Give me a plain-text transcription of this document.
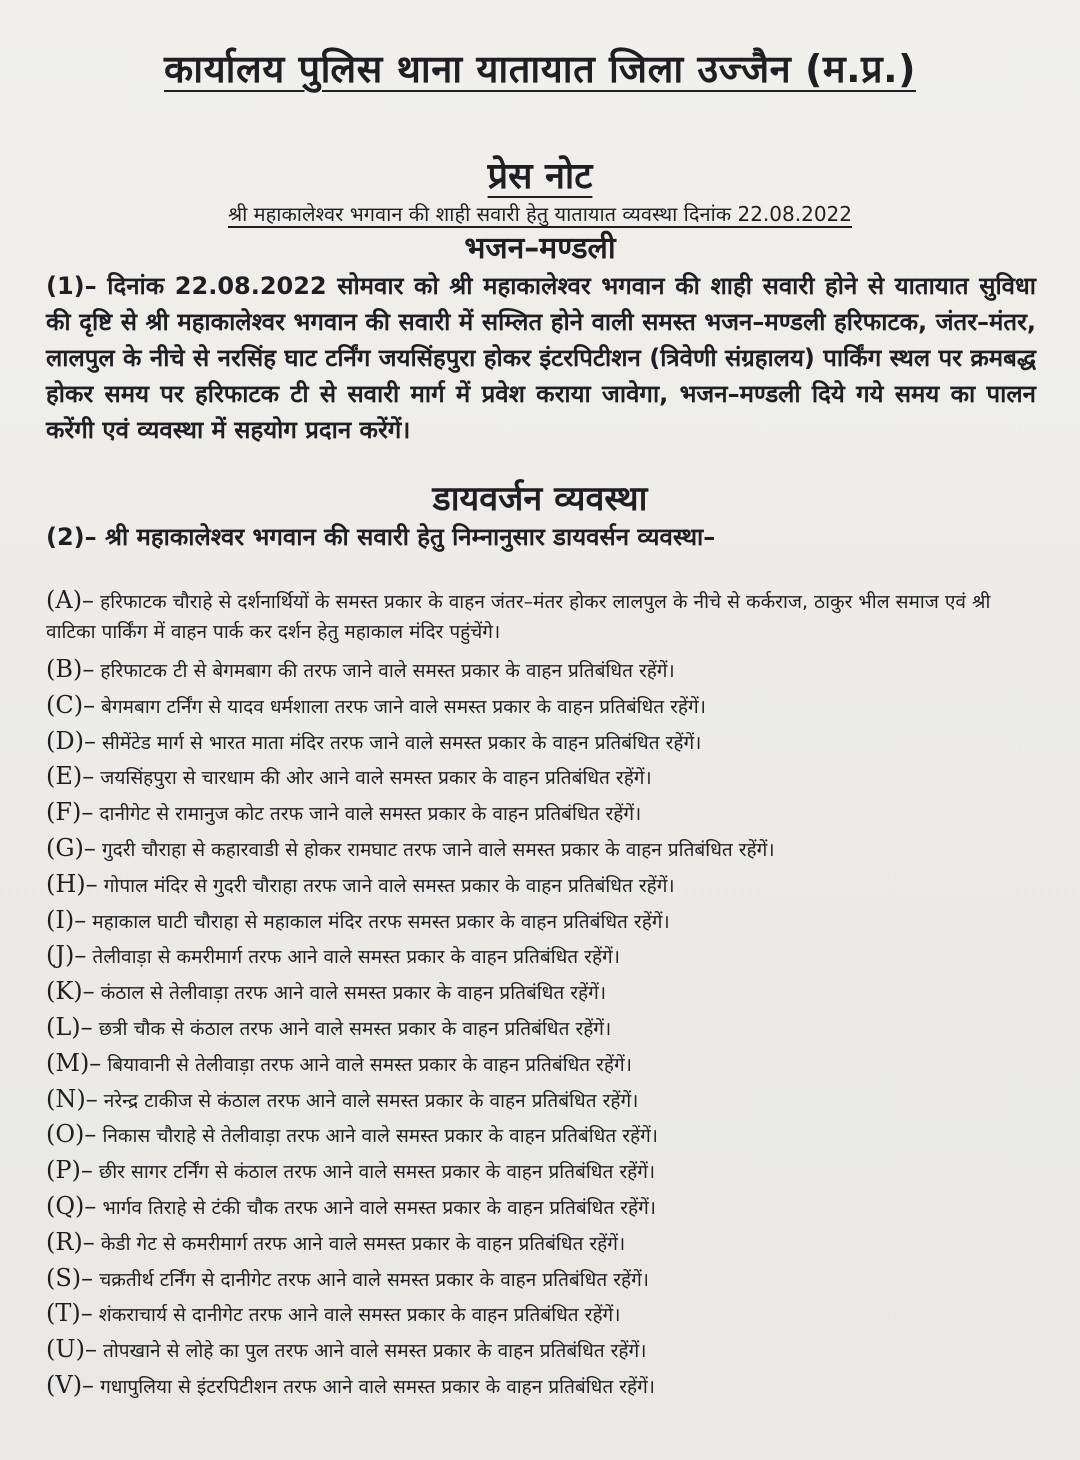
कार्यालय पुलिस थाना यातायात जिला उज्जैन (म.प्र.)
प्रेस नोट
श्री महाकालेश्वर भगवान की शाही सवारी हेतु यातायात व्यवस्था दिनांक 22.08.2022
भजन–मण्डली
(1)– दिनांक 22.08.2022 सोमवार को श्री महाकालेश्वर भगवान की शाही सवारी होने से यातायात सुविधा की दृष्टि से श्री महाकालेश्वर भगवान की सवारी में सम्लित होने वाली समस्त भजन–मण्डली हरिफाटक, जंतर–मंतर, लालपुल के नीचे से नरसिंह घाट टर्निंग जयसिंहपुरा होकर इंटरपिटीशन (त्रिवेणी संग्रहालय) पार्किंग स्थल पर क्रमबद्ध होकर समय पर हरिफाटक टी से सवारी मार्ग में प्रवेश कराया जावेगा, भजन–मण्डली दिये गये समय का पालन करेंगी एवं व्यवस्था में सहयोग प्रदान करेंगें।
डायवर्जन व्यवस्था
(2)– श्री महाकालेश्वर भगवान की सवारी हेतु निम्नानुसार डायवर्सन व्यवस्था–
(A)– हरिफाटक चौराहे से दर्शनार्थियों के समस्त प्रकार के वाहन जंतर–मंतर होकर लालपुल के नीचे से कर्कराज, ठाकुर भील समाज एवं श्री वाटिका पार्किंग में वाहन पार्क कर दर्शन हेतु महाकाल मंदिर पहुंचेंगे।
(B)– हरिफाटक टी से बेगमबाग की तरफ जाने वाले समस्त प्रकार के वाहन प्रतिबंधित रहेंगें।
(C)– बेगमबाग टर्निंग से यादव धर्मशाला तरफ जाने वाले समस्त प्रकार के वाहन प्रतिबंधित रहेंगें।
(D)– सीमेंटेड मार्ग से भारत माता मंदिर तरफ जाने वाले समस्त प्रकार के वाहन प्रतिबंधित रहेंगें।
(E)– जयसिंहपुरा से चारधाम की ओर आने वाले समस्त प्रकार के वाहन प्रतिबंधित रहेंगें।
(F)– दानीगेट से रामानुज कोट तरफ जाने वाले समस्त प्रकार के वाहन प्रतिबंधित रहेंगें।
(G)– गुदरी चौराहा से कहारवाडी से होकर रामघाट तरफ जाने वाले समस्त प्रकार के वाहन प्रतिबंधित रहेंगें।
(H)– गोपाल मंदिर से गुदरी चौराहा तरफ जाने वाले समस्त प्रकार के वाहन प्रतिबंधित रहेंगें।
(I)– महाकाल घाटी चौराहा से महाकाल मंदिर तरफ समस्त प्रकार के वाहन प्रतिबंधित रहेंगें।
(J)– तेलीवाड़ा से कमरीमार्ग तरफ आने वाले समस्त प्रकार के वाहन प्रतिबंधित रहेंगें।
(K)– कंठाल से तेलीवाड़ा तरफ आने वाले समस्त प्रकार के वाहन प्रतिबंधित रहेंगें।
(L)– छत्री चौक से कंठाल तरफ आने वाले समस्त प्रकार के वाहन प्रतिबंधित रहेंगें।
(M)– बियावानी से तेलीवाड़ा तरफ आने वाले समस्त प्रकार के वाहन प्रतिबंधित रहेंगें।
(N)– नरेन्द्र टाकीज से कंठाल तरफ आने वाले समस्त प्रकार के वाहन प्रतिबंधित रहेंगें।
(O)– निकास चौराहे से तेलीवाड़ा तरफ आने वाले समस्त प्रकार के वाहन प्रतिबंधित रहेंगें।
(P)– छीर सागर टर्निंग से कंठाल तरफ आने वाले समस्त प्रकार के वाहन प्रतिबंधित रहेंगें।
(Q)– भार्गव तिराहे से टंकी चौक तरफ आने वाले समस्त प्रकार के वाहन प्रतिबंधित रहेंगें।
(R)– केडी गेट से कमरीमार्ग तरफ आने वाले समस्त प्रकार के वाहन प्रतिबंधित रहेंगें।
(S)– चक्रतीर्थ टर्निंग से दानीगेट तरफ आने वाले समस्त प्रकार के वाहन प्रतिबंधित रहेंगें।
(T)– शंकराचार्य से दानीगेट तरफ आने वाले समस्त प्रकार के वाहन प्रतिबंधित रहेंगें।
(U)– तोपखाने से लोहे का पुल तरफ आने वाले समस्त प्रकार के वाहन प्रतिबंधित रहेंगें।
(V)– गधापुलिया से इंटरपिटीशन तरफ आने वाले समस्त प्रकार के वाहन प्रतिबंधित रहेंगें।
